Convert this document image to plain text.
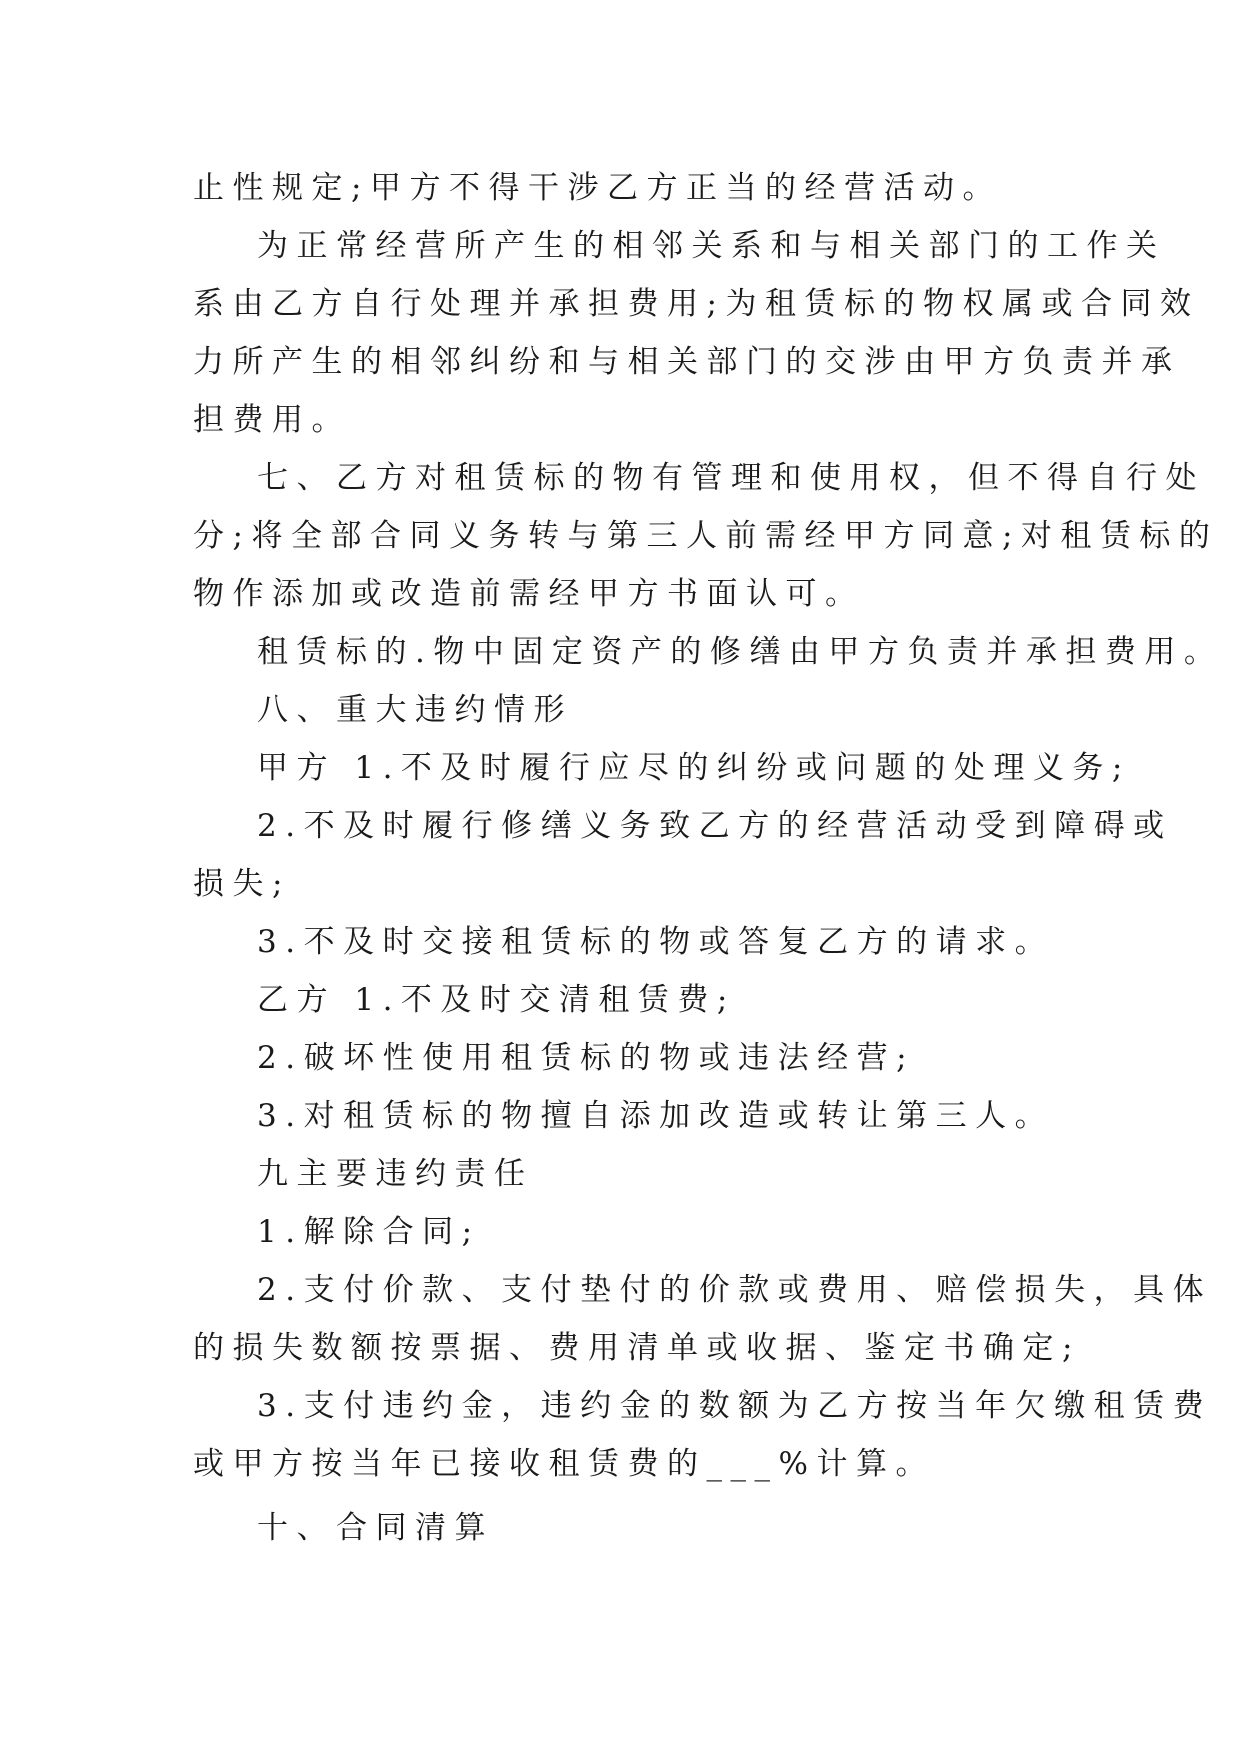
止性规定;甲方不得干涉乙方正当的经营活动。
为正常经营所产生的相邻关系和与相关部门的工作关
系由乙方自行处理并承担费用;为租赁标的物权属或合同效
力所产生的相邻纠纷和与相关部门的交涉由甲方负责并承
担费用。
七、乙方对租赁标的物有管理和使用权，但不得自行处
分;将全部合同义务转与第三人前需经甲方同意;对租赁标的
物作添加或改造前需经甲方书面认可。
租赁标的.物中固定资产的修缮由甲方负责并承担费用。
八、重大违约情形
甲方 1.不及时履行应尽的纠纷或问题的处理义务;
2.不及时履行修缮义务致乙方的经营活动受到障碍或
损失;
3.不及时交接租赁标的物或答复乙方的请求。
乙方 1.不及时交清租赁费;
2.破坏性使用租赁标的物或违法经营;
3.对租赁标的物擅自添加改造或转让第三人。
九主要违约责任
1.解除合同;
2.支付价款、支付垫付的价款或费用、赔偿损失，具体
的损失数额按票据、费用清单或收据、鉴定书确定;
3.支付违约金，违约金的数额为乙方按当年欠缴租赁费
或甲方按当年已接收租赁费的___%计算。
十、合同清算
